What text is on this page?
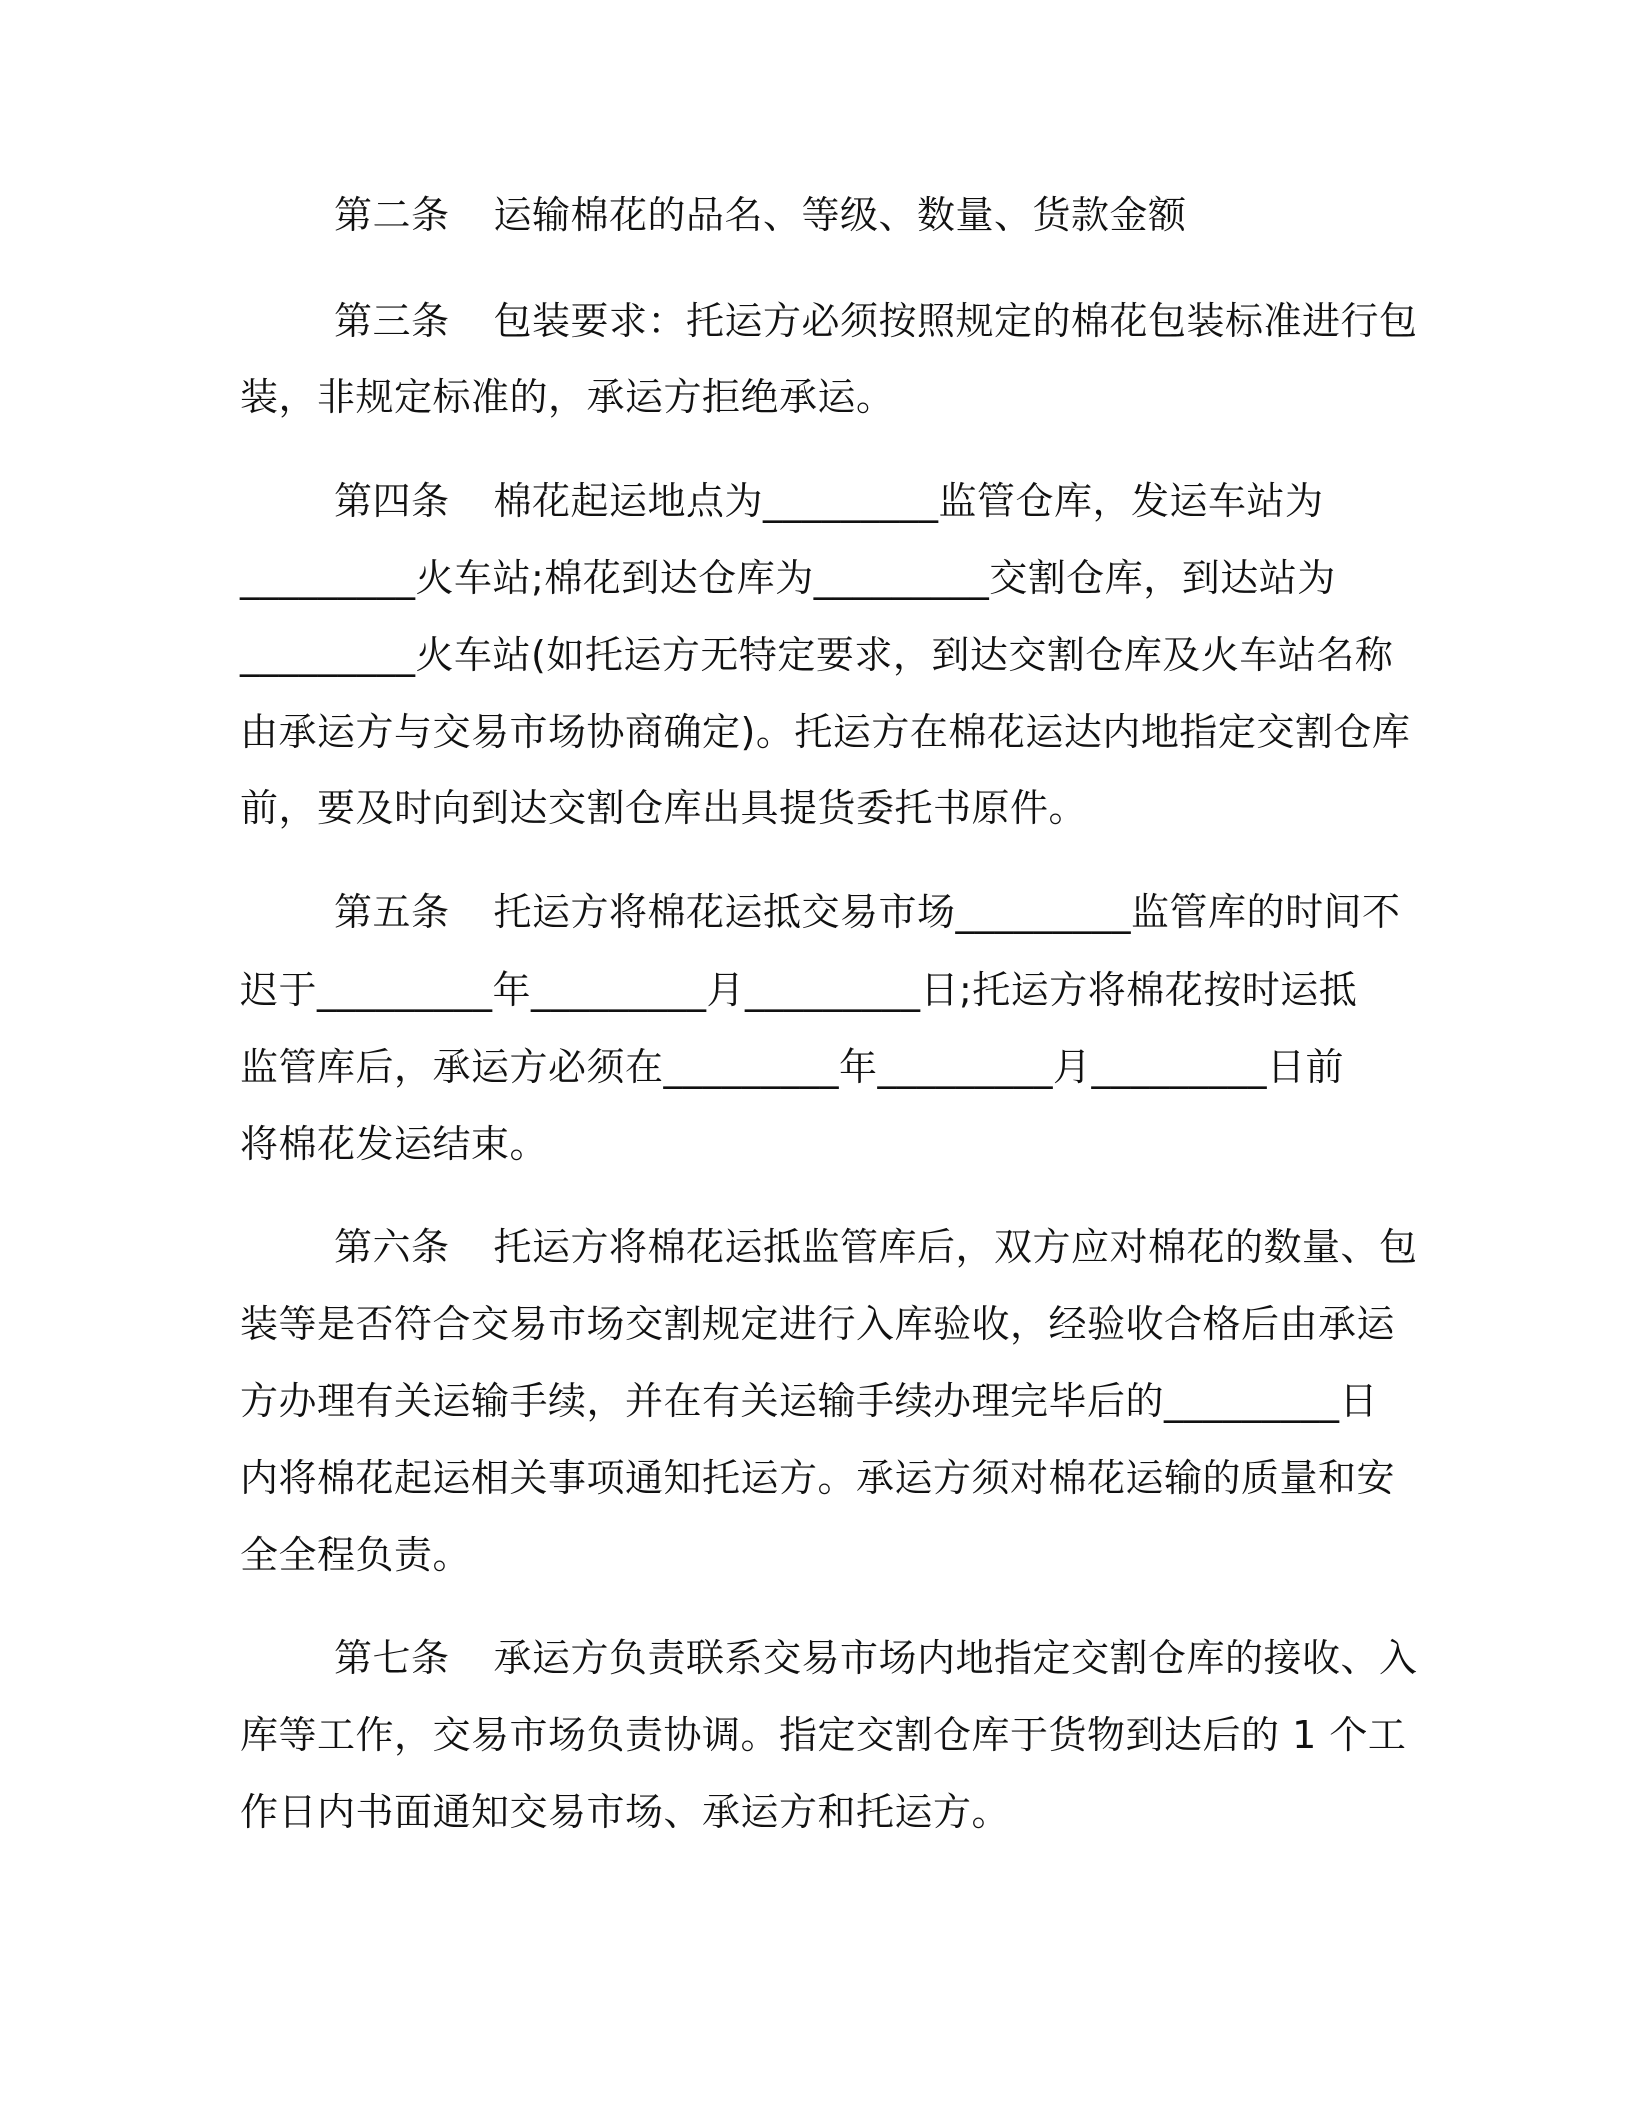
第二条 运输棉花的品名、等级、数量、货款金额

第三条 包装要求：托运方必须按照规定的棉花包装标准进行包

装，非规定标准的，承运方拒绝承运。

第四条 棉花起运地点为_________监管仓库，发运车站为

_________火车站;棉花到达仓库为_________交割仓库，到达站为

_________火车站(如托运方无特定要求，到达交割仓库及火车站名称

由承运方与交易市场协商确定)。托运方在棉花运达内地指定交割仓库

前，要及时向到达交割仓库出具提货委托书原件。

第五条 托运方将棉花运抵交易市场_________监管库的时间不

迟于_________年_________月_________日;托运方将棉花按时运抵

监管库后，承运方必须在_________年_________月_________日前

将棉花发运结束。

第六条 托运方将棉花运抵监管库后，双方应对棉花的数量、包

装等是否符合交易市场交割规定进行入库验收，经验收合格后由承运

方办理有关运输手续，并在有关运输手续办理完毕后的_________日

内将棉花起运相关事项通知托运方。承运方须对棉花运输的质量和安

全全程负责。

第七条 承运方负责联系交易市场内地指定交割仓库的接收、入

库等工作，交易市场负责协调。指定交割仓库于货物到达后的 1 个工

作日内书面通知交易市场、承运方和托运方。
